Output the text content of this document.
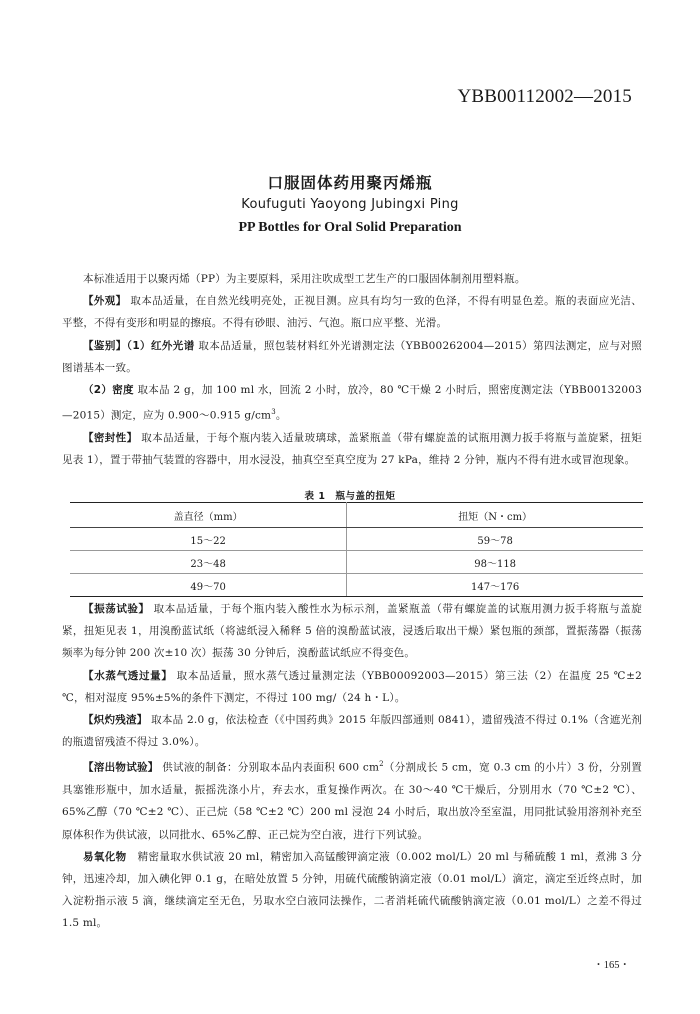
YBB00112002—2015
口服固体药用聚丙烯瓶
Koufuguti Yaoyong Jubingxi Ping
PP Bottles for Oral Solid Preparation

本标准适用于以聚丙烯（PP）为主要原料，采用注吹成型工艺生产的口服固体制剂用塑料瓶。

【外观】 取本品适量，在自然光线明亮处，正视目测。应具有均匀一致的色泽，不得有明显色差。瓶的表面应光洁、平整，不得有变形和明显的擦痕。不得有砂眼、油污、气泡。瓶口应平整、光滑。

【鉴别】（1）红外光谱 取本品适量，照包装材料红外光谱测定法（YBB00262004—2015）第四法测定，应与对照图谱基本一致。

（2）密度 取本品 2 g，加 100 ml 水，回流 2 小时，放冷，80 ℃干燥 2 小时后，照密度测定法（YBB00132003—2015）测定，应为 0.900～0.915 $g/cm^3$。

【密封性】 取本品适量，于每个瓶内装入适量玻璃球，盖紧瓶盖（带有螺旋盖的试瓶用测力扳手将瓶与盖旋紧，扭矩见表 1），置于带抽气装置的容器中，用水浸没，抽真空至真空度为 27 kPa，维持 2 分钟，瓶内不得有进水或冒泡现象。

表 1　瓶与盖的扭矩
盖直径（mm）	扭矩（N・cm）
15～22	59～78
23～48	98～118
49～70	147～176

【振荡试验】 取本品适量，于每个瓶内装入酸性水为标示剂，盖紧瓶盖（带有螺旋盖的试瓶用测力扳手将瓶与盖旋紧，扭矩见表 1，用溴酚蓝试纸（将滤纸浸入稀释 5 倍的溴酚蓝试液，浸透后取出干燥）紧包瓶的颈部，置振荡器（振荡频率为每分钟 200 次±10 次）振荡 30 分钟后，溴酚蓝试纸应不得变色。

【水蒸气透过量】 取本品适量，照水蒸气透过量测定法（YBB00092003—2015）第三法（2）在温度 25 ℃±2 ℃，相对湿度 95%±5%的条件下测定，不得过 100 mg/（24 h・L）。

【炽灼残渣】 取本品 2.0 g，依法检查（《中国药典》2015 年版四部通则 0841），遗留残渣不得过 0.1%（含遮光剂的瓶遗留残渣不得过 3.0%）。

【溶出物试验】 供试液的制备：分别取本品内表面积 600 $cm^2$（分割成长 5 cm，宽 0.3 cm 的小片）3 份，分别置具塞锥形瓶中，加水适量，振摇洗涤小片，弃去水，重复操作两次。在 30～40 ℃干燥后，分别用水（70 ℃±2 ℃）、65%乙醇（70 ℃±2 ℃）、正己烷（58 ℃±2 ℃）200 ml 浸泡 24 小时后，取出放冷至室温，用同批试验用溶剂补充至原体积作为供试液，以同批水、65%乙醇、正己烷为空白液，进行下列试验。

易氧化物 精密量取水供试液 20 ml，精密加入高锰酸钾滴定液（0.002 mol/L）20 ml 与稀硫酸 1 ml，煮沸 3 分钟，迅速冷却，加入碘化钾 0.1 g，在暗处放置 5 分钟，用硫代硫酸钠滴定液（0.01 mol/L）滴定，滴定至近终点时，加入淀粉指示液 5 滴，继续滴定至无色，另取水空白液同法操作，二者消耗硫代硫酸钠滴定液（0.01 mol/L）之差不得过 1.5 ml。

・165・
